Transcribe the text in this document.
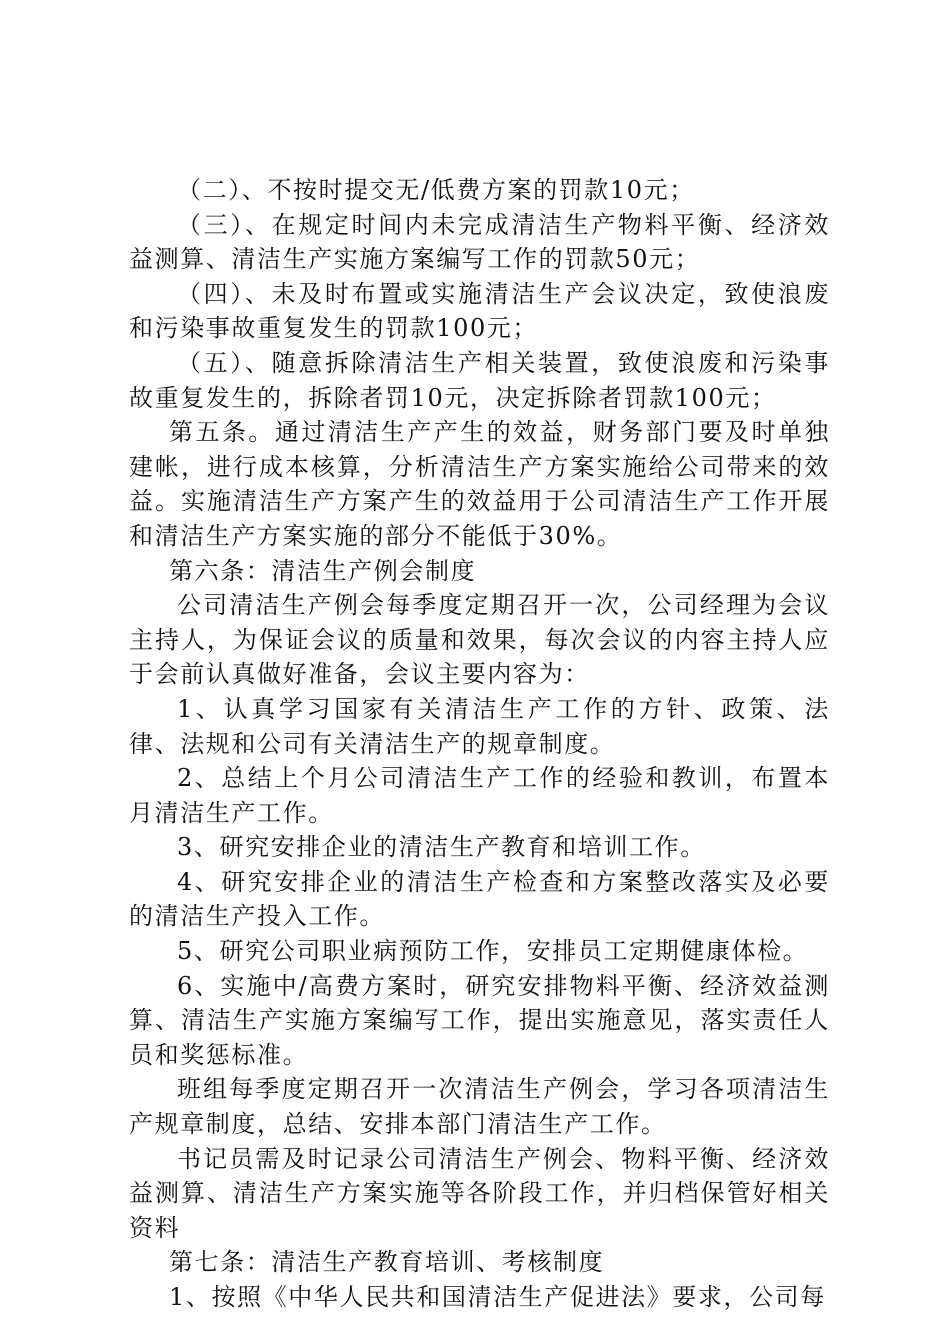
（二）、不按时提交无/低费方案的罚款10元；

（三）、在规定时间内未完成清洁生产物料平衡、经济效益测算、清洁生产实施方案编写工作的罚款50元；

（四）、未及时布置或实施清洁生产会议决定，致使浪废和污染事故重复发生的罚款100元；

（五）、随意拆除清洁生产相关装置，致使浪废和污染事故重复发生的，拆除者罚10元，决定拆除者罚款100元；

第五条。通过清洁生产产生的效益，财务部门要及时单独建帐，进行成本核算，分析清洁生产方案实施给公司带来的效益。实施清洁生产方案产生的效益用于公司清洁生产工作开展和清洁生产方案实施的部分不能低于30%。

第六条：清洁生产例会制度

公司清洁生产例会每季度定期召开一次，公司经理为会议主持人，为保证会议的质量和效果，每次会议的内容主持人应于会前认真做好准备，会议主要内容为：

1、认真学习国家有关清洁生产工作的方针、政策、法律、法规和公司有关清洁生产的规章制度。

2、总结上个月公司清洁生产工作的经验和教训，布置本月清洁生产工作。

3、研究安排企业的清洁生产教育和培训工作。

4、研究安排企业的清洁生产检查和方案整改落实及必要的清洁生产投入工作。

5、研究公司职业病预防工作，安排员工定期健康体检。

6、实施中/高费方案时，研究安排物料平衡、经济效益测算、清洁生产实施方案编写工作，提出实施意见，落实责任人员和奖惩标准。

班组每季度定期召开一次清洁生产例会，学习各项清洁生产规章制度，总结、安排本部门清洁生产工作。

书记员需及时记录公司清洁生产例会、物料平衡、经济效益测算、清洁生产方案实施等各阶段工作，并归档保管好相关资料

第七条：清洁生产教育培训、考核制度

1、按照《中华人民共和国清洁生产促进法》要求，公司每
